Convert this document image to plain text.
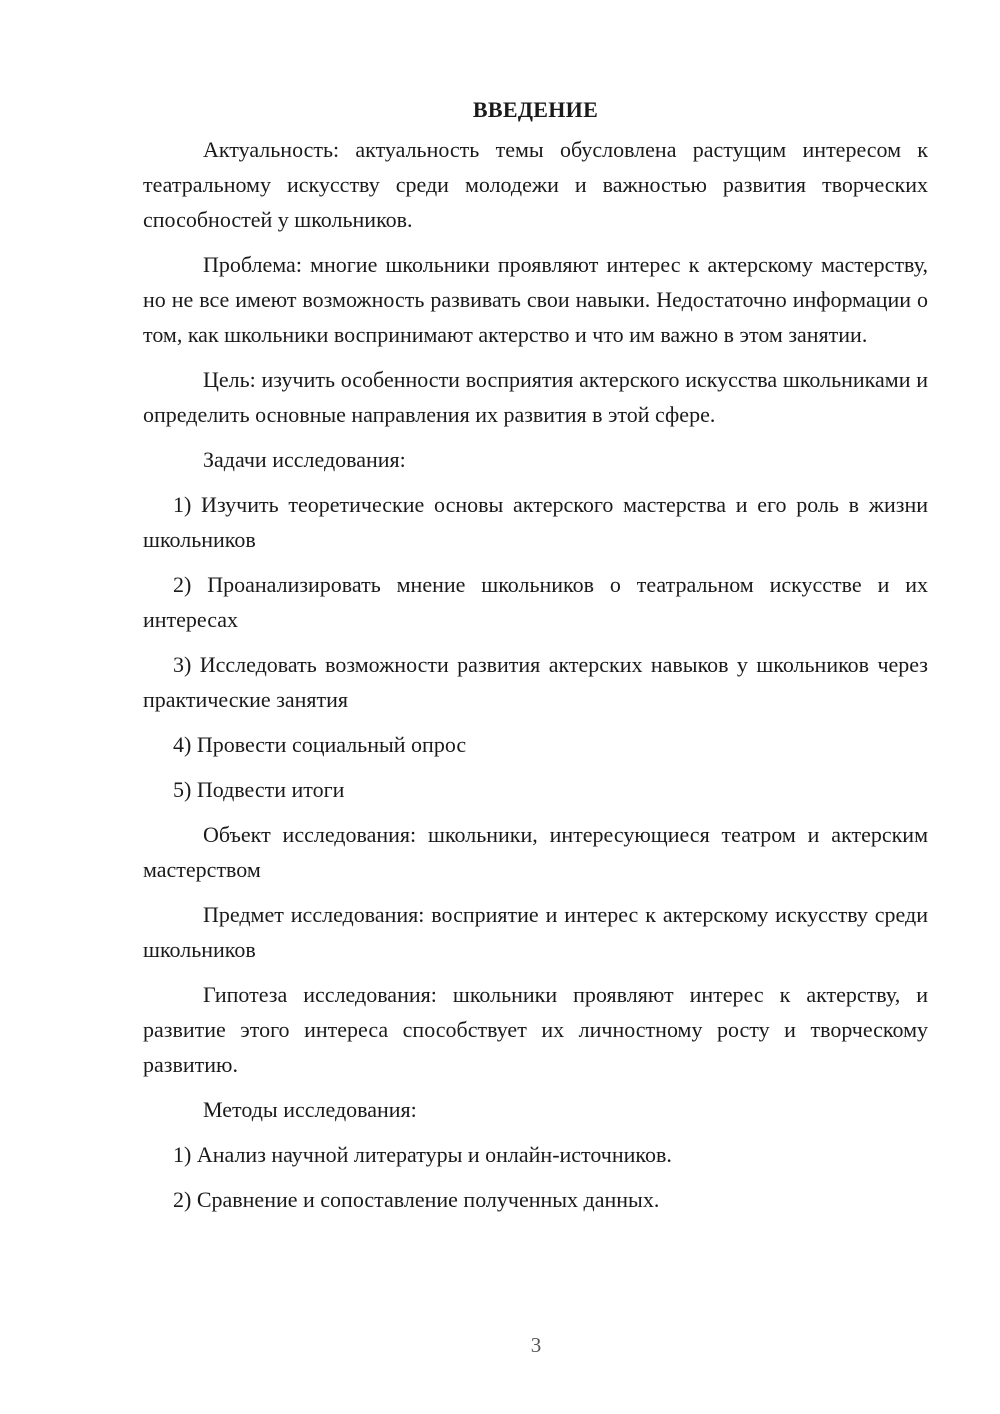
ВВЕДЕНИЕ

Актуальность: актуальность темы обусловлена растущим интересом к театральному искусству среди молодежи и важностью развития творческих способностей у школьников.

Проблема: многие школьники проявляют интерес к актерскому мастерству, но не все имеют возможность развивать свои навыки. Недостаточно информации о том, как школьники воспринимают актерство и что им важно в этом занятии.

Цель: изучить особенности восприятия актерского искусства школьниками и определить основные направления их развития в этой сфере.

Задачи исследования:

1) Изучить теоретические основы актерского мастерства и его роль в жизни школьников

2) Проанализировать мнение школьников о театральном искусстве и их интересах

3) Исследовать возможности развития актерских навыков у школьников через практические занятия

4) Провести социальный опрос

5) Подвести итоги

Объект исследования: школьники, интересующиеся театром и актерским мастерством

Предмет исследования: восприятие и интерес к актерскому искусству среди школьников

Гипотеза исследования: школьники проявляют интерес к актерству, и развитие этого интереса способствует их личностному росту и творческому развитию.

Методы исследования:

1) Анализ научной литературы и онлайн-источников.

2) Сравнение и сопоставление полученных данных.

3
